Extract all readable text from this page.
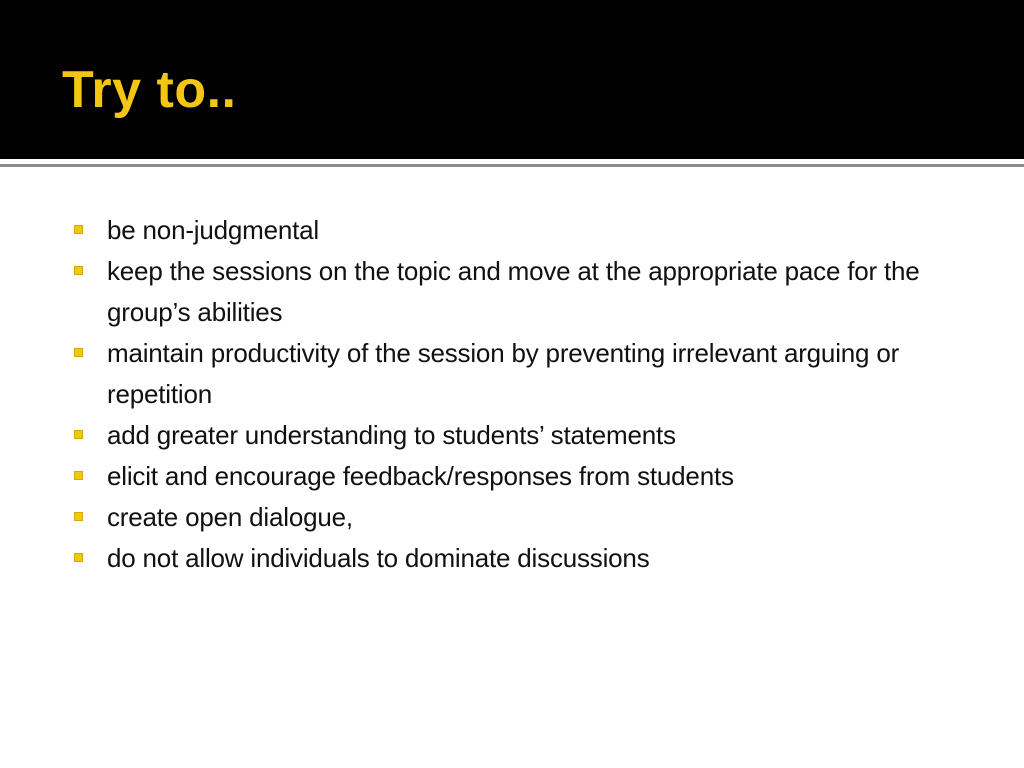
Try to..
be non-judgmental
keep the sessions on the topic and move at the appropriate pace for the group’s abilities
maintain productivity of the session by preventing irrelevant arguing or repetition
add greater understanding to students’ statements
elicit and encourage feedback/responses from students
create open dialogue,
do not allow individuals to dominate discussions
